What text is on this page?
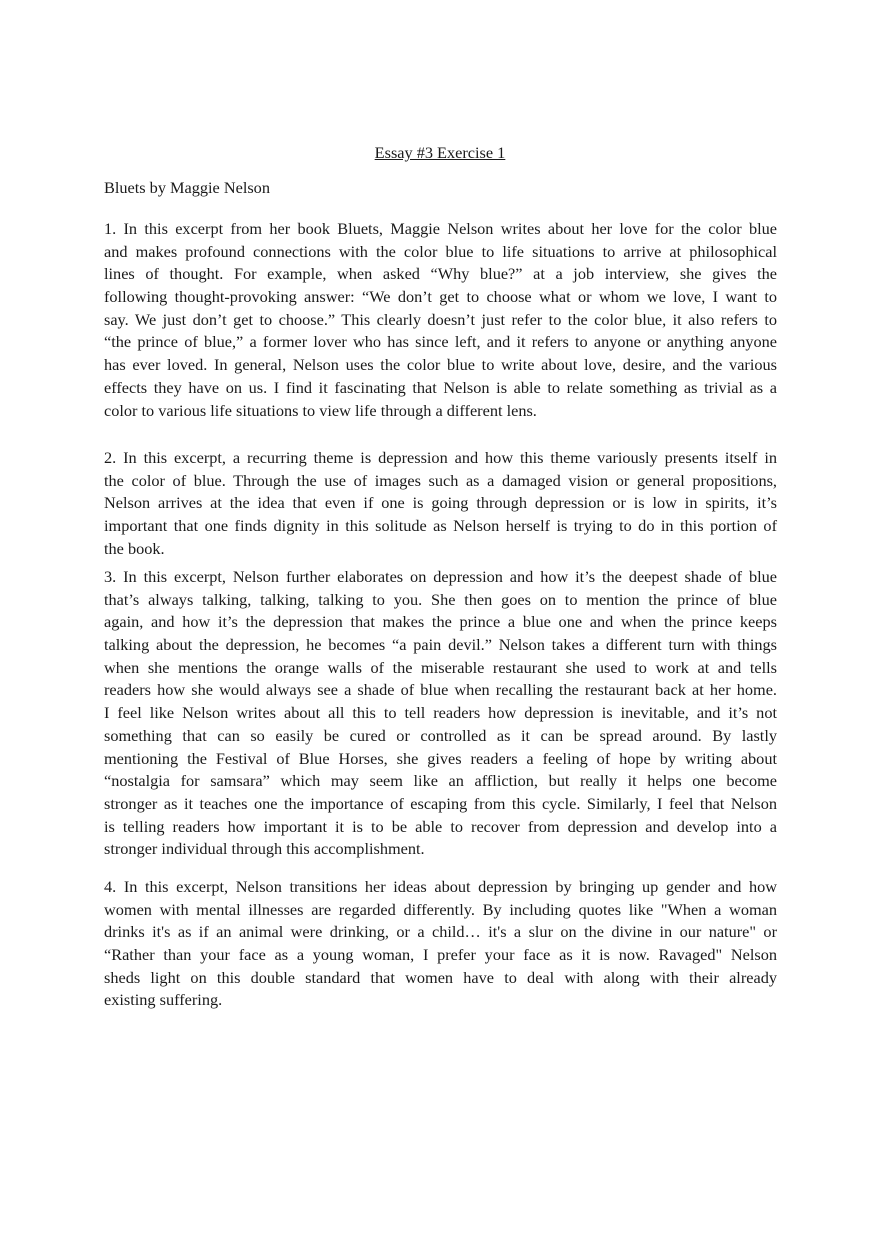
Essay #3 Exercise 1
Bluets by Maggie Nelson
1. In this excerpt from her book Bluets, Maggie Nelson writes about her love for the color blue
and makes profound connections with the color blue to life situations to arrive at philosophical
lines of thought. For example, when asked “Why blue?” at a job interview, she gives the
following thought-provoking answer: “We don’t get to choose what or whom we love, I want to
say. We just don’t get to choose.” This clearly doesn’t just refer to the color blue, it also refers to
“the prince of blue,” a former lover who has since left, and it refers to anyone or anything anyone
has ever loved. In general, Nelson uses the color blue to write about love, desire, and the various
effects they have on us. I find it fascinating that Nelson is able to relate something as trivial as a
color to various life situations to view life through a different lens.
2. In this excerpt, a recurring theme is depression and how this theme variously presents itself in
the color of blue. Through the use of images such as a damaged vision or general propositions,
Nelson arrives at the idea that even if one is going through depression or is low in spirits, it’s
important that one finds dignity in this solitude as Nelson herself is trying to do in this portion of
the book.
3. In this excerpt, Nelson further elaborates on depression and how it’s the deepest shade of blue
that’s always talking, talking, talking to you. She then goes on to mention the prince of blue
again, and how it’s the depression that makes the prince a blue one and when the prince keeps
talking about the depression, he becomes “a pain devil.” Nelson takes a different turn with things
when she mentions the orange walls of the miserable restaurant she used to work at and tells
readers how she would always see a shade of blue when recalling the restaurant back at her home.
I feel like Nelson writes about all this to tell readers how depression is inevitable, and it’s not
something that can so easily be cured or controlled as it can be spread around. By lastly
mentioning the Festival of Blue Horses, she gives readers a feeling of hope by writing about
“nostalgia for samsara” which may seem like an affliction, but really it helps one become
stronger as it teaches one the importance of escaping from this cycle. Similarly, I feel that Nelson
is telling readers how important it is to be able to recover from depression and develop into a
stronger individual through this accomplishment.
4. In this excerpt, Nelson transitions her ideas about depression by bringing up gender and how
women with mental illnesses are regarded differently. By including quotes like "When a woman
drinks it's as if an animal were drinking, or a child… it's a slur on the divine in our nature" or
“Rather than your face as a young woman, I prefer your face as it is now. Ravaged" Nelson
sheds light on this double standard that women have to deal with along with their already
existing suffering.
